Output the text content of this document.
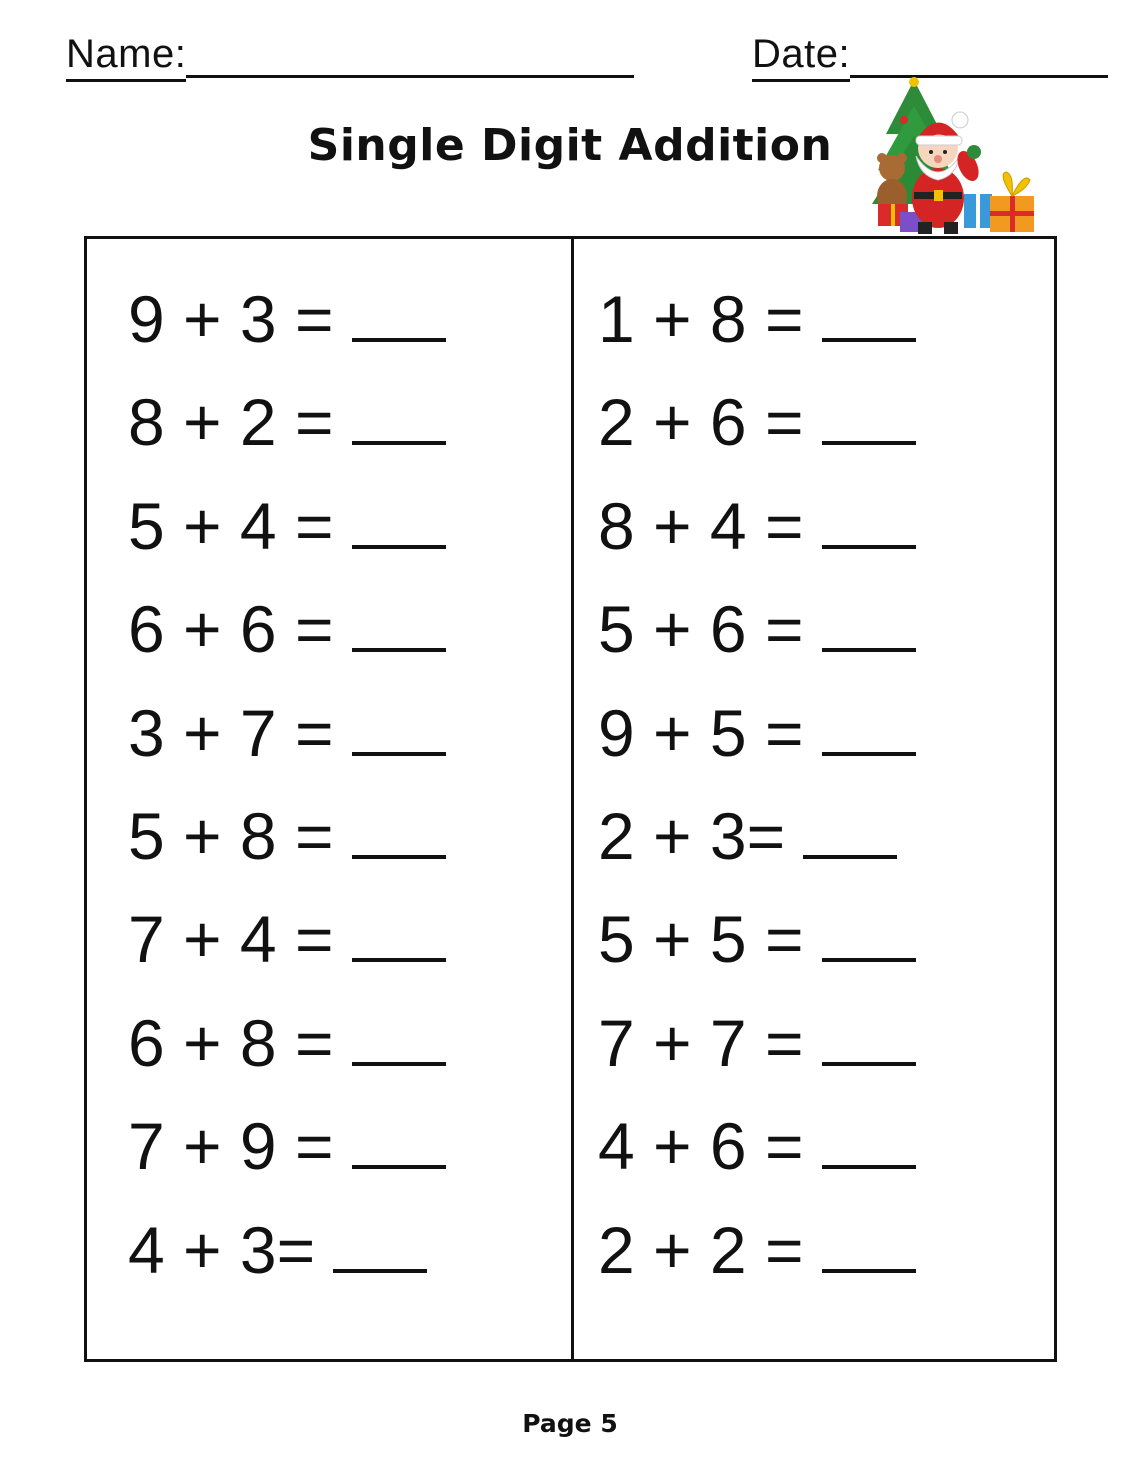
Name:	Date:
Single Digit Addition
9 + 3 =
8 + 2 =
5 + 4 =
6 + 6 =
3 + 7 =
5 + 8 =
7 + 4 =
6 + 8 =
7 + 9 =
4 + 3=
1 + 8 =
2 + 6 =
8 + 4 =
5 + 6 =
9 + 5 =
2 + 3=
5 + 5 =
7 + 7 =
4 + 6 =
2 + 2 =
Page 5
